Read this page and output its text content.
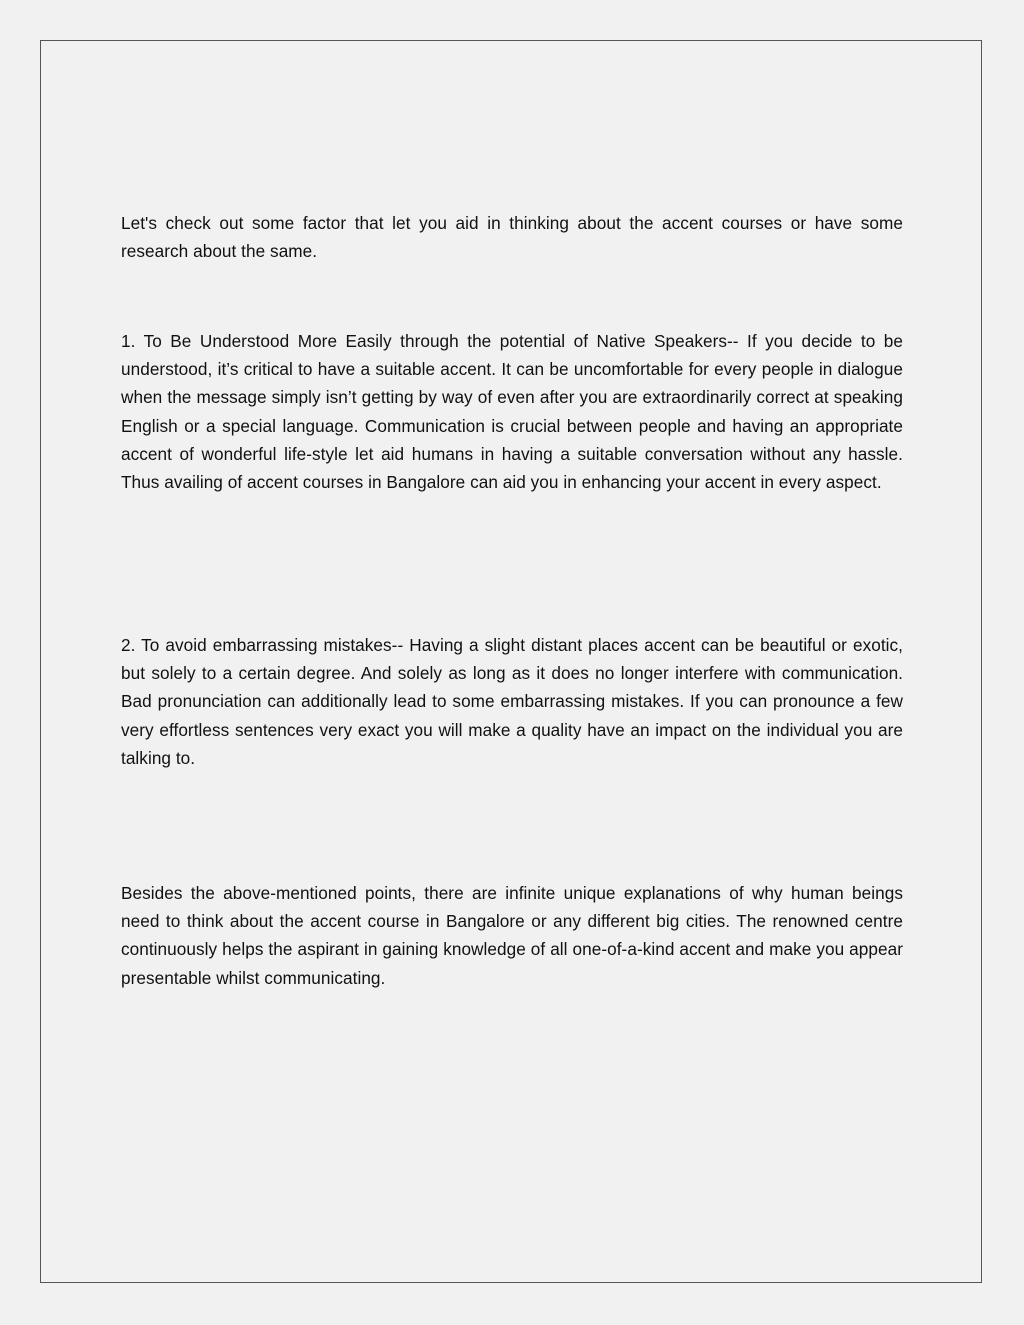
Let's check out some factor that let you aid in thinking about the accent courses or have some research about the same.

1. To Be Understood More Easily through the potential of Native Speakers-- If you decide to be understood, it’s critical to have a suitable accent. It can be uncomfortable for every people in dialogue when the message simply isn’t getting by way of even after you are extraordinarily correct at speaking English or a special language. Communication is crucial between people and having an appropriate accent of wonderful life-style let aid humans in having a suitable conversation without any hassle. Thus availing of accent courses in Bangalore can aid you in enhancing your accent in every aspect.

2. To avoid embarrassing mistakes-- Having a slight distant places accent can be beautiful or exotic, but solely to a certain degree. And solely as long as it does no longer interfere with communication. Bad pronunciation can additionally lead to some embarrassing mistakes. If you can pronounce a few very effortless sentences very exact you will make a quality have an impact on the individual you are talking to.

Besides the above-mentioned points, there are infinite unique explanations of why human beings need to think about the accent course in Bangalore or any different big cities. The renowned centre continuously helps the aspirant in gaining knowledge of all one-of-a-kind accent and make you appear presentable whilst communicating.
